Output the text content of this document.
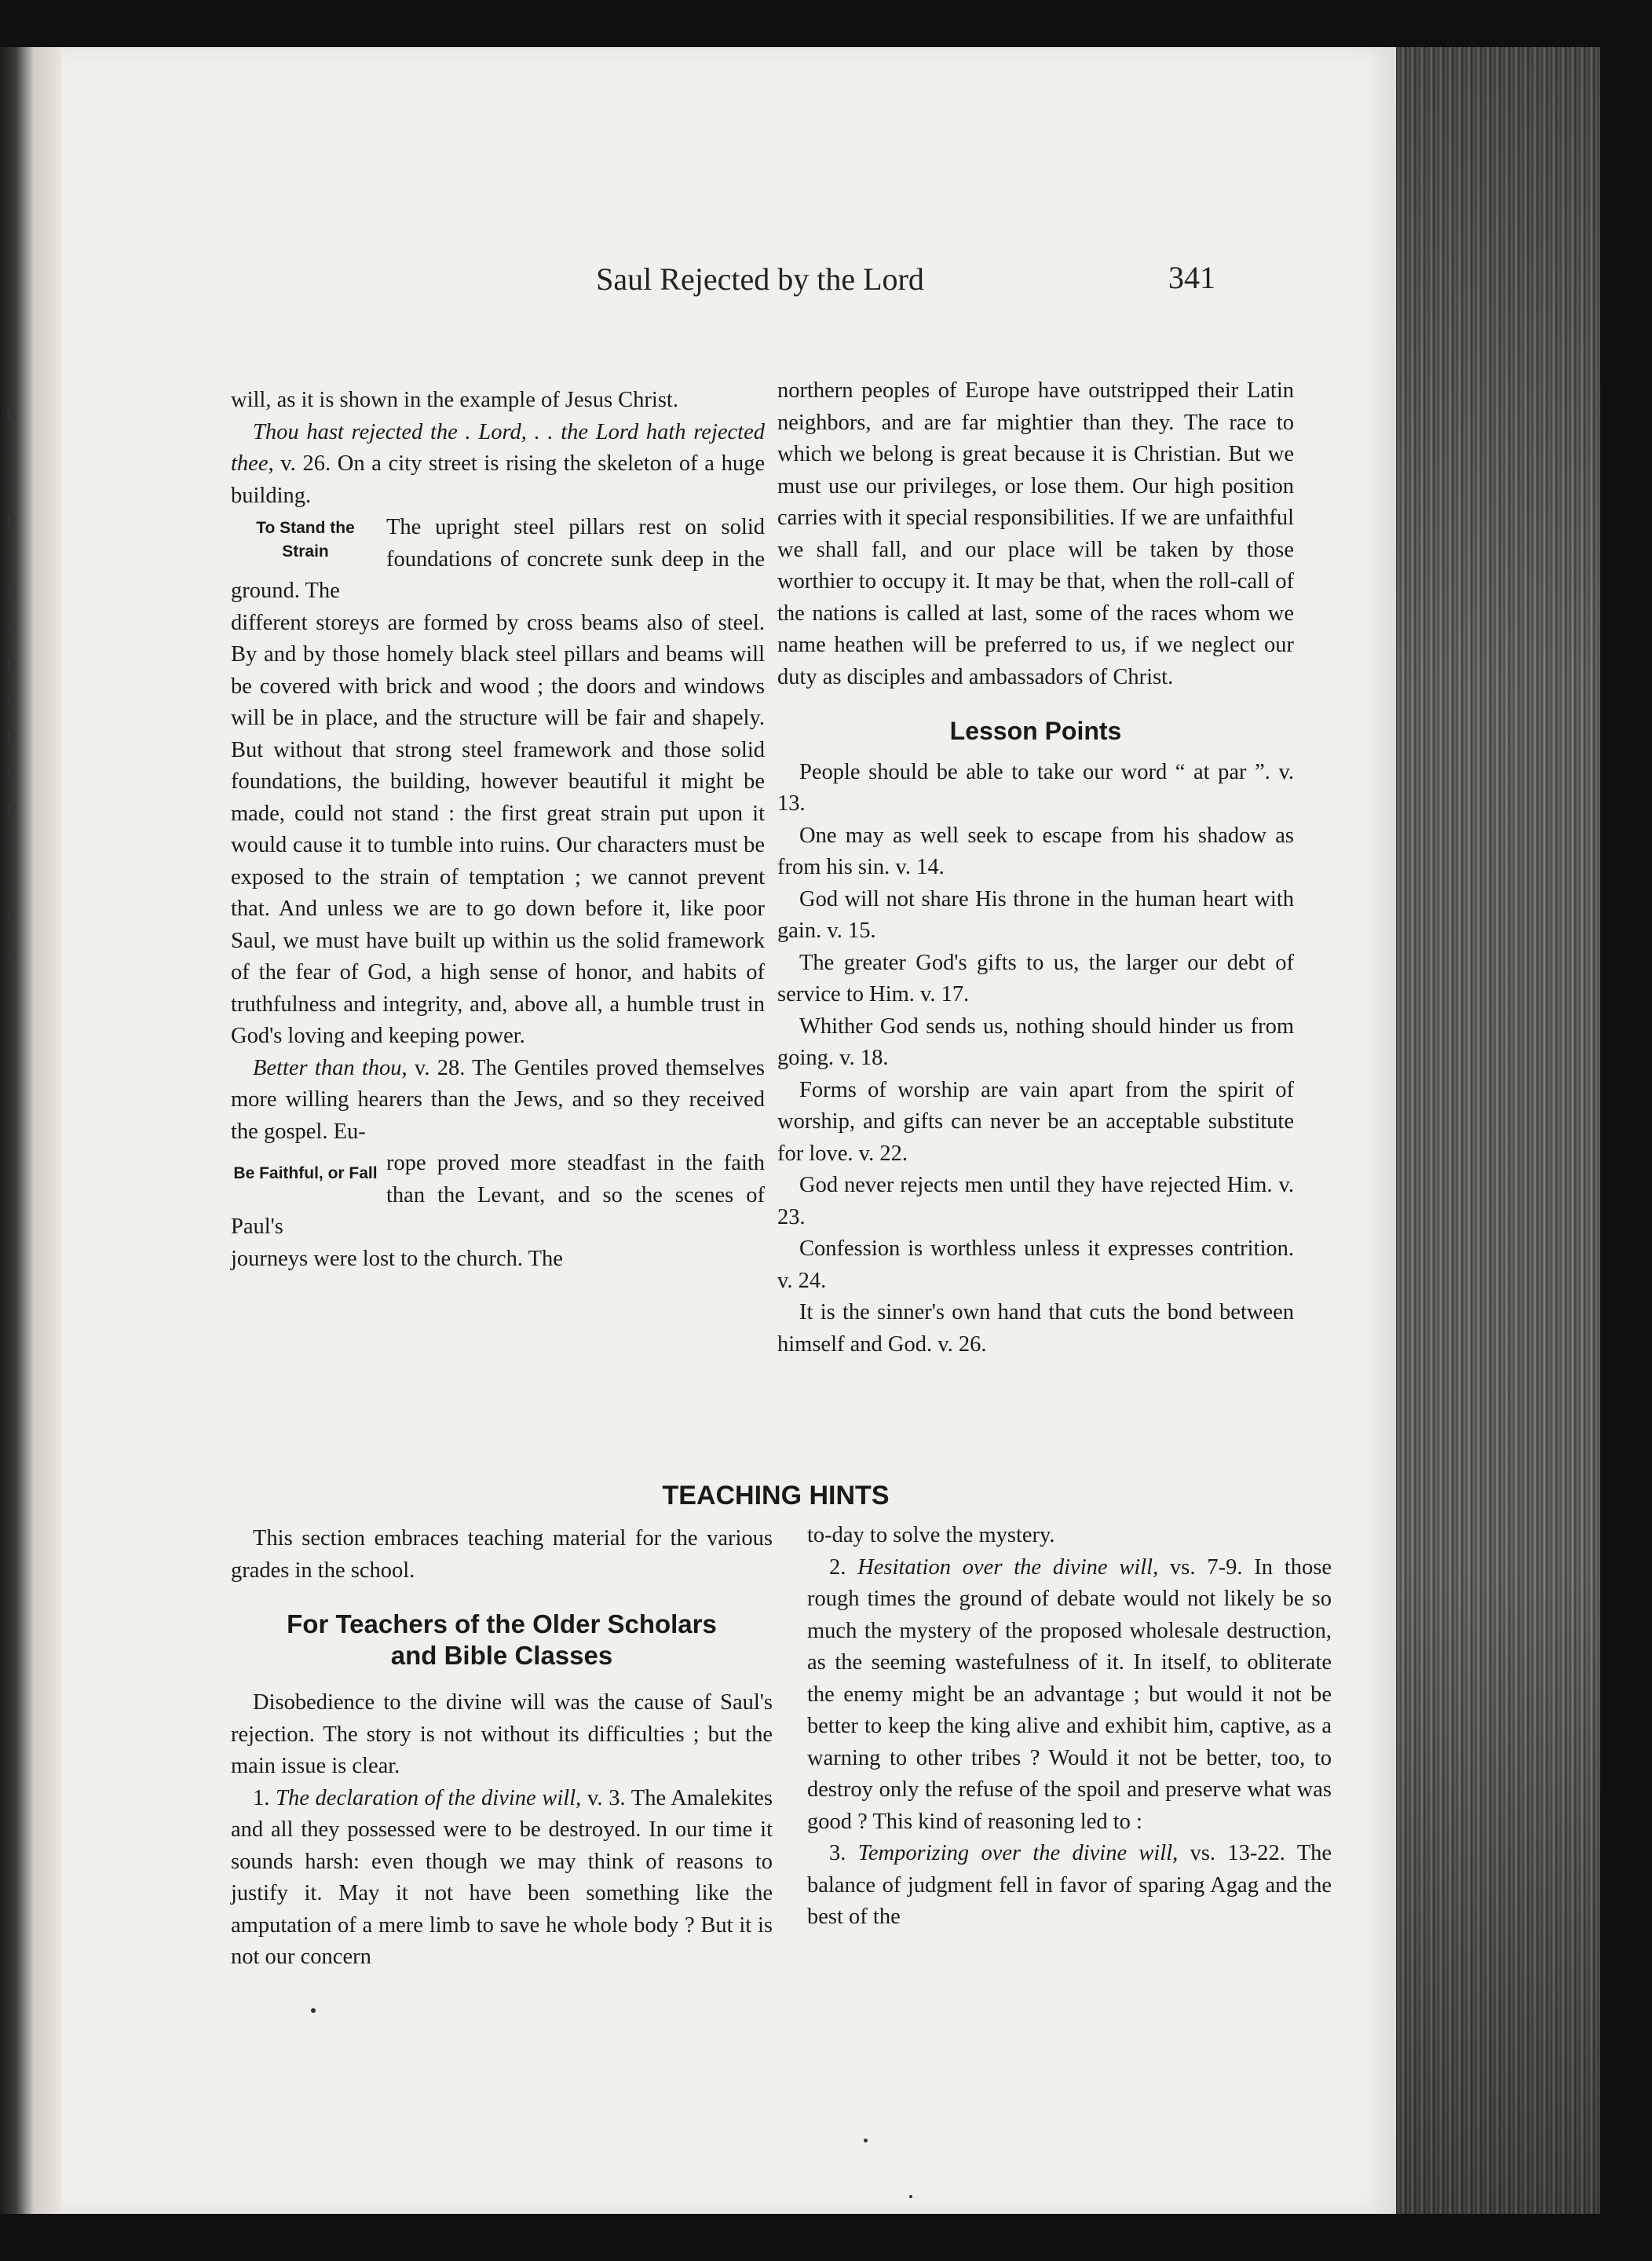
g
f
f
e
l
g
r
e
e
e
y
e
l
i
e
r
Saul Rejected by the Lord	341

will, as it is shown in the example of Jesus Christ.

Thou hast rejected the . Lord, . . the Lord hath rejected thee, v. 26. On a city street is rising the skeleton of a huge building.

To Stand the Strain
The upright steel pillars rest on solid foundations of concrete sunk deep in the ground. The

different storeys are formed by cross beams also of steel. By and by those homely black steel pillars and beams will be covered with brick and wood ; the doors and windows will be in place, and the structure will be fair and shapely. But without that strong steel framework and those solid foundations, the building, however beautiful it might be made, could not stand : the first great strain put upon it would cause it to tumble into ruins. Our characters must be exposed to the strain of temptation ; we cannot prevent that. And unless we are to go down before it, like poor Saul, we must have built up within us the solid framework of the fear of God, a high sense of honor, and habits of truthfulness and integrity, and, above all, a humble trust in God's loving and keeping power.

Better than thou, v. 28. The Gentiles proved themselves more willing hearers than the Jews, and so they received the gospel. Eu-

Be Faithful, or Fall rope proved more steadfast in the faith than the Levant, and so the scenes of Paul's

journeys were lost to the church. The

northern peoples of Europe have outstripped their Latin neighbors, and are far mightier than they. The race to which we belong is great because it is Christian. But we must use our privileges, or lose them. Our high position carries with it special responsibilities. If we are unfaithful we shall fall, and our place will be taken by those worthier to occupy it. It may be that, when the roll-call of the nations is called at last, some of the races whom we name heathen will be preferred to us, if we neglect our duty as disciples and ambassadors of Christ.

Lesson Points

People should be able to take our word “ at par ”. v. 13.

One may as well seek to escape from his shadow as from his sin. v. 14.

God will not share His throne in the human heart with gain. v. 15.

The greater God's gifts to us, the larger our debt of service to Him. v. 17.

Whither God sends us, nothing should hinder us from going. v. 18.

Forms of worship are vain apart from the spirit of worship, and gifts can never be an acceptable substitute for love. v. 22.

God never rejects men until they have rejected Him. v. 23.

Confession is worthless unless it expresses contrition. v. 24.

It is the sinner's own hand that cuts the bond between himself and God. v. 26.

TEACHING HINTS

This section embraces teaching material for the various grades in the school.

For Teachers of the Older Scholars
and Bible Classes

Disobedience to the divine will was the cause of Saul's rejection. The story is not without its difficulties ; but the main issue is clear.

1. The declaration of the divine will, v. 3. The Amalekites and all they possessed were to be destroyed. In our time it sounds harsh: even though we may think of reasons to justify it. May it not have been something like the amputation of a mere limb to save he whole body ? But it is not our concern

to-day to solve the mystery.

2. Hesitation over the divine will, vs. 7-9. In those rough times the ground of debate would not likely be so much the mystery of the proposed wholesale destruction, as the seeming wastefulness of it. In itself, to obliterate the enemy might be an advantage ; but would it not be better to keep the king alive and exhibit him, captive, as a warning to other tribes ? Would it not be better, too, to destroy only the refuse of the spoil and preserve what was good ? This kind of reasoning led to :

3. Temporizing over the divine will, vs. 13-22. The balance of judgment fell in favor of sparing Agag and the best of the
